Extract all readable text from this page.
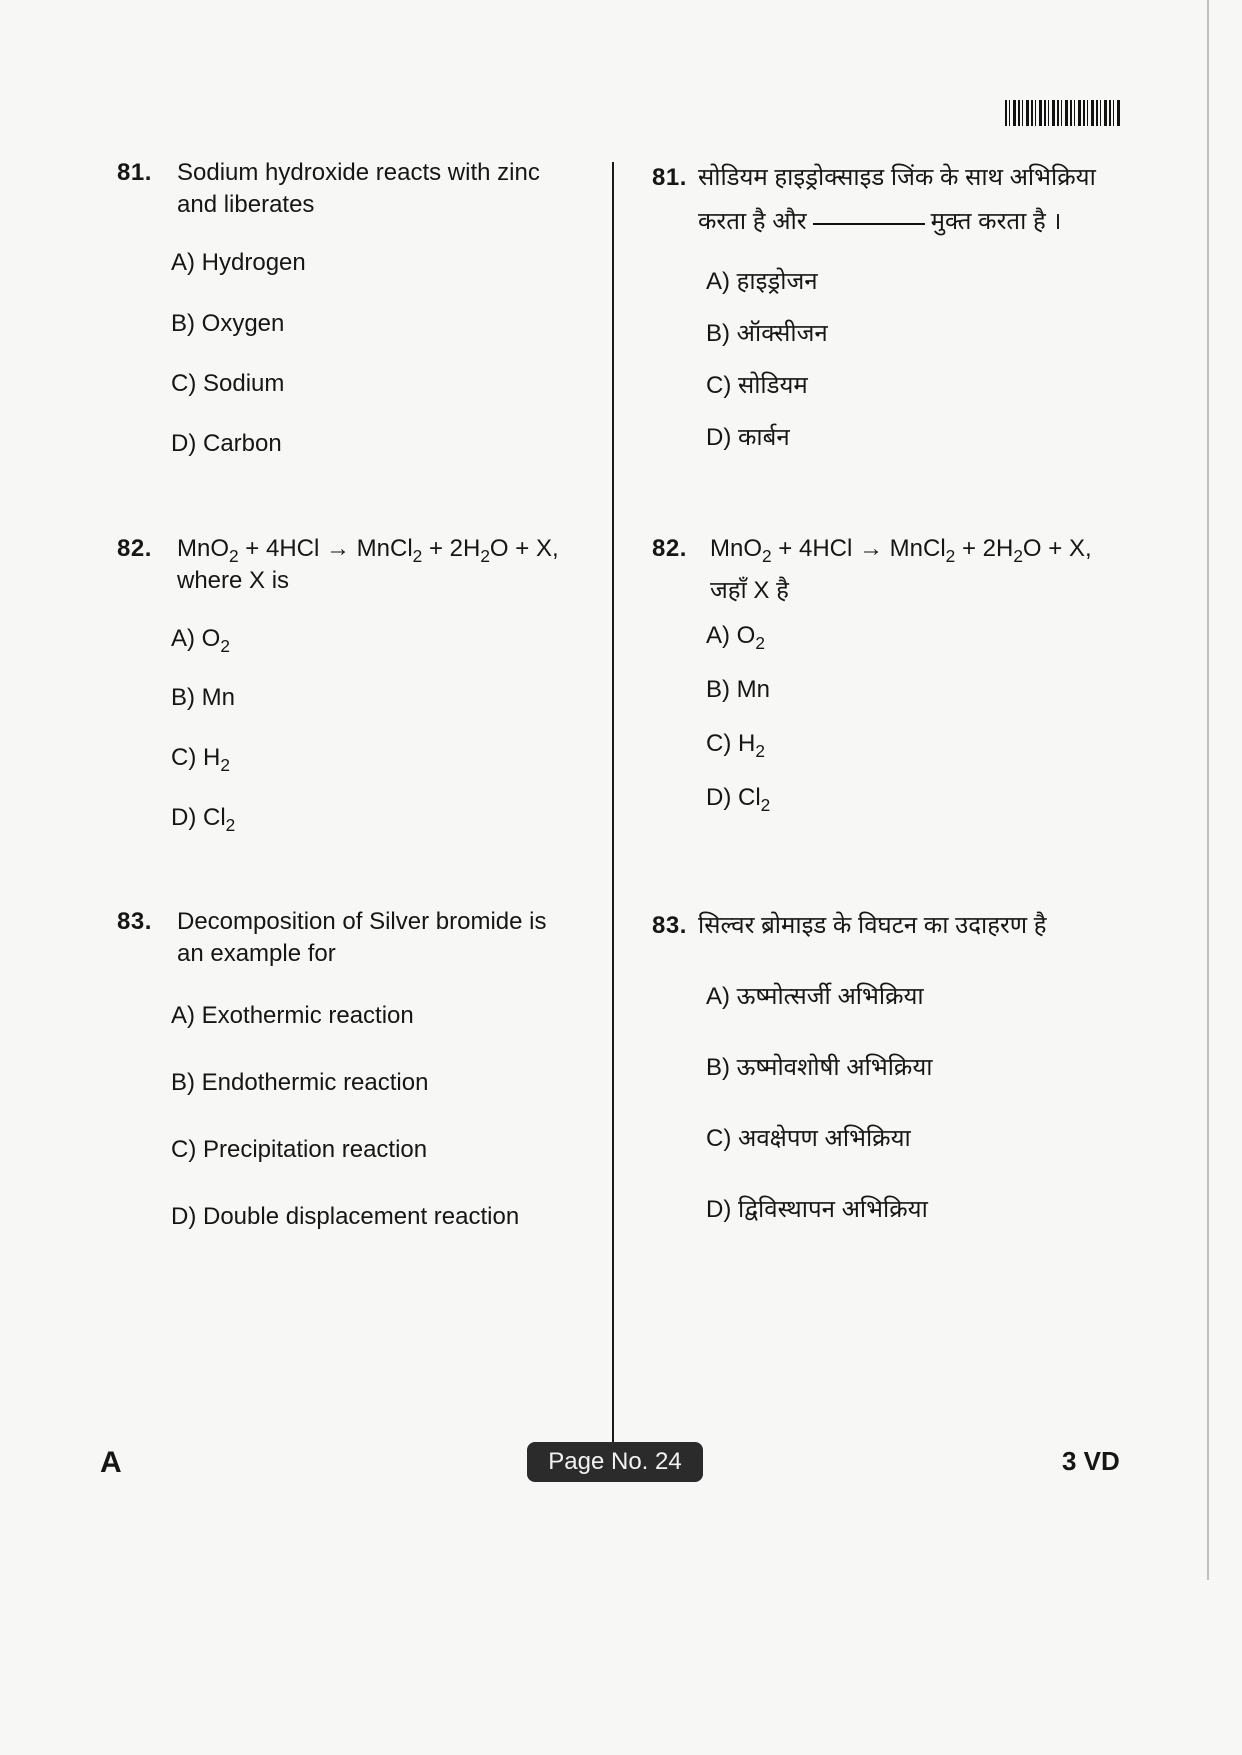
81. Sodium hydroxide reacts with zinc
and liberates
A) Hydrogen
B) Oxygen
C) Sodium
D) Carbon
82. MnO$_2$ + 4HCl → MnCl$_2$ + $2H_2O + X$,
where X is
A) $O_2$
B) Mn
C) $H_2$
D) $Cl_2$
83. Decomposition of Silver bromide is
an example for
A) Exothermic reaction
B) Endothermic reaction
C) Precipitation reaction
D) Double displacement reaction
81. सोडियम हाइड्रोक्साइड जिंक के साथ अभिक्रिया
करता है और	मुक्त करता है ।
A) हाइड्रोजन
B) ऑक्सीजन
C) सोडियम
D) कार्बन
82. MnO$_2$ + 4HCl → MnCl$_2$ + $2H_2O + X$,
जहाँ X है
A) $O_2$
B) Mn
C) $H_2$
D) $Cl_2$
83. सिल्वर ब्रोमाइड के विघटन का उदाहरण है
A) ऊष्मोत्सर्जी अभिक्रिया
B) ऊष्मोवशोषी अभिक्रिया
C) अवक्षेपण अभिक्रिया
D) द्विविस्थापन अभिक्रिया
A	Page No. 24	3 VD
